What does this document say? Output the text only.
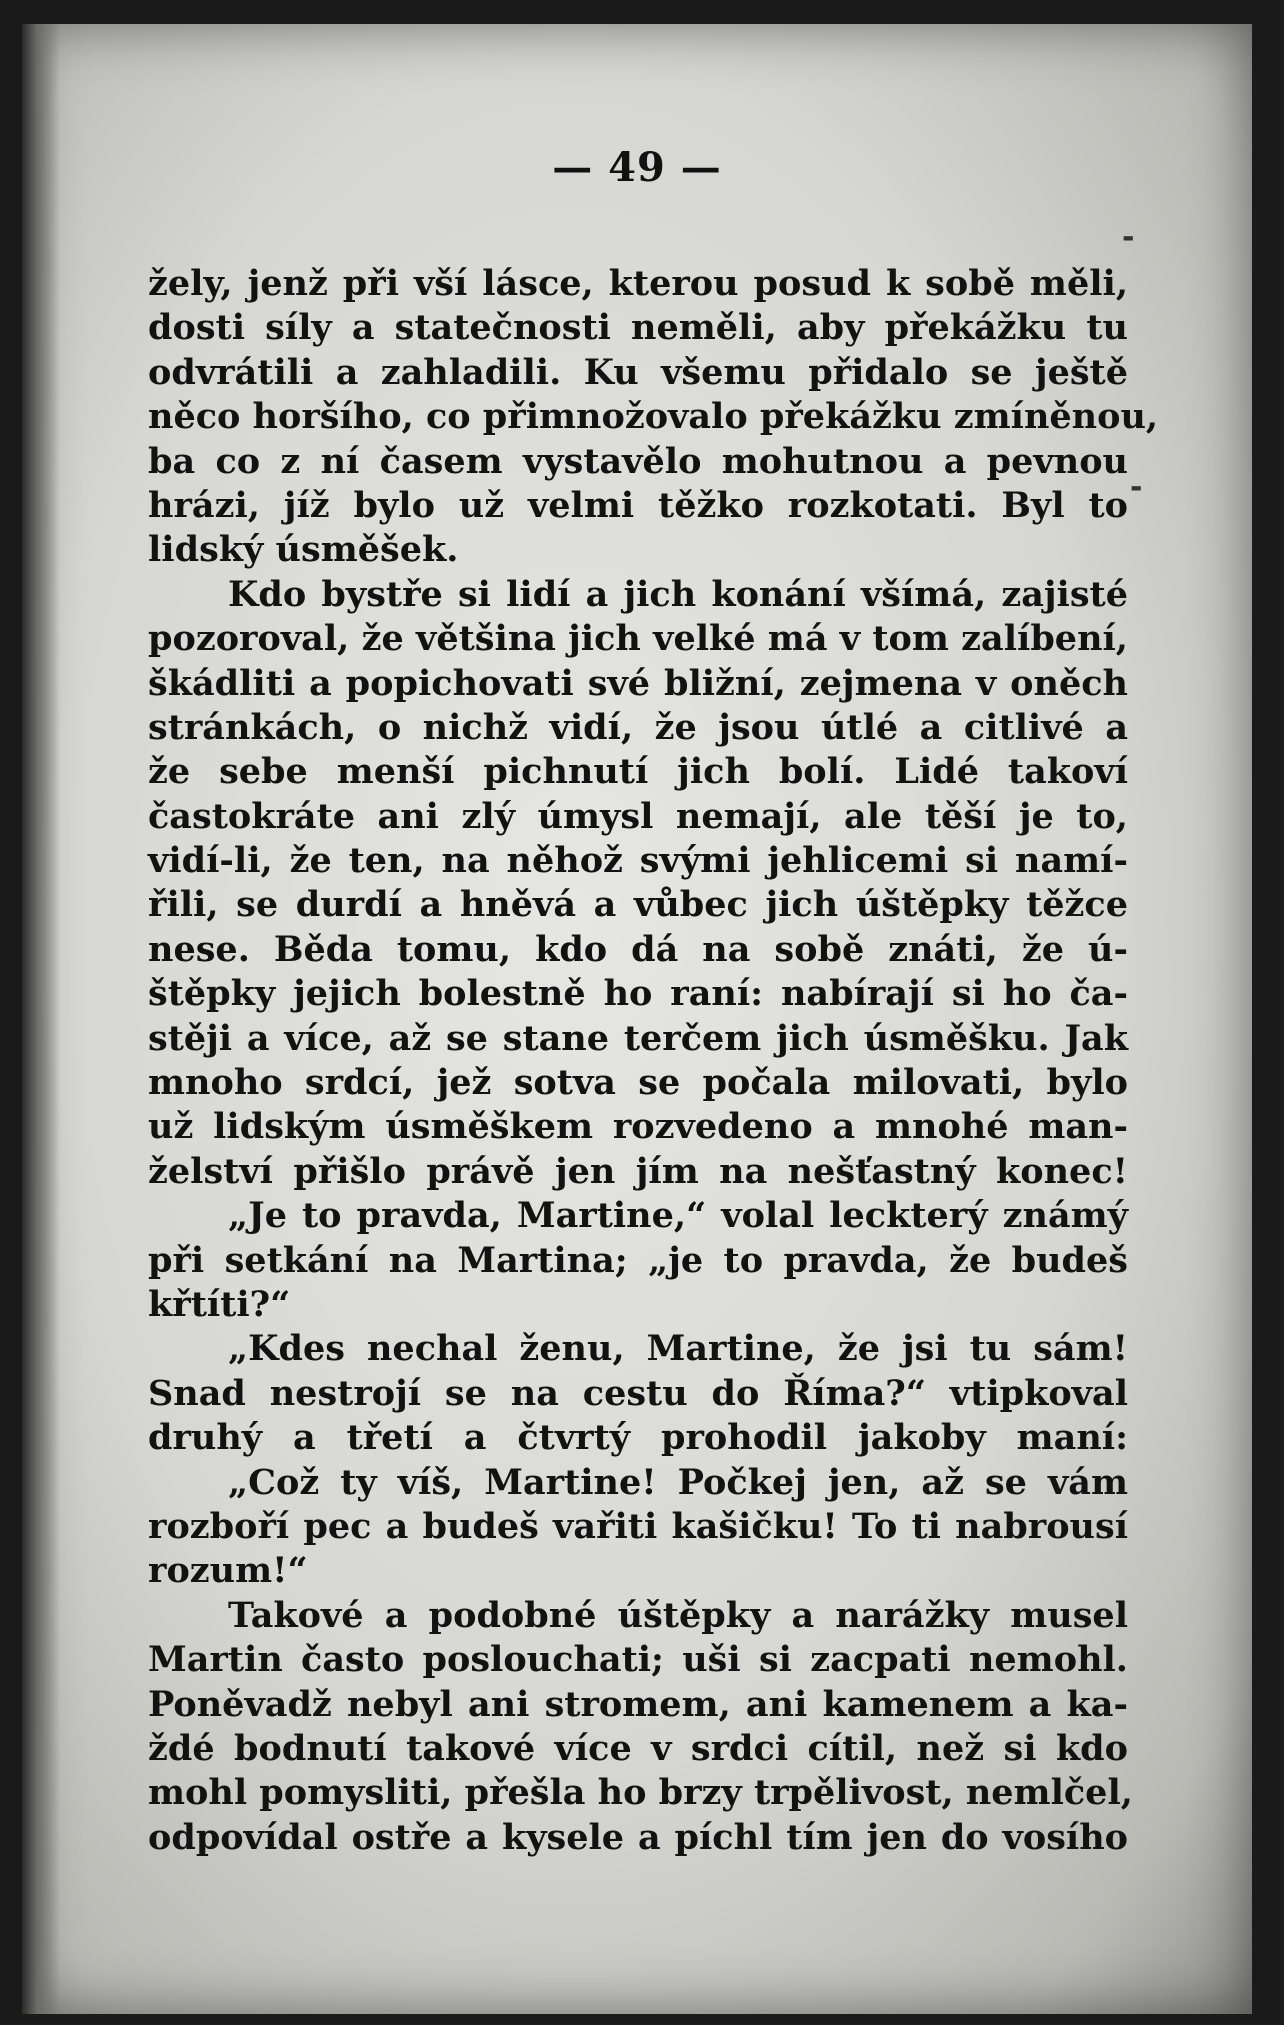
— 49 —
žely, jenž při vší lásce, kterou posud k sobě měli,
dosti síly a statečnosti neměli, aby překážku tu
odvrátili a zahladili. Ku všemu přidalo se ještě
něco horšího, co přimnožovalo překážku zmíněnou,
ba co z ní časem vystavělo mohutnou a pevnou
hrázi, jíž bylo už velmi těžko rozkotati. Byl to
lidský úsměšek.
Kdo bystře si lidí a jich konání všímá, zajisté
pozoroval, že většina jich velké má v tom zalíbení,
škádliti a popichovati své bližní, zejmena v oněch
stránkách, o nichž vidí, že jsou útlé a citlivé a
že sebe menší pichnutí jich bolí. Lidé takoví
častokráte ani zlý úmysl nemají, ale těší je to,
vidí-li, že ten, na něhož svými jehlicemi si namí-
řili, se durdí a hněvá a vůbec jich úštěpky těžce
nese. Běda tomu, kdo dá na sobě znáti, že ú-
štěpky jejich bolestně ho raní: nabírají si ho ča-
stěji a více, až se stane terčem jich úsměšku. Jak
mnoho srdcí, jež sotva se počala milovati, bylo
už lidským úsměškem rozvedeno a mnohé man-
želství přišlo právě jen jím na nešťastný konec!
„Je to pravda, Martine,“ volal leckterý známý
při setkání na Martina; „je to pravda, že budeš
křtíti?“
„Kdes nechal ženu, Martine, že jsi tu sám!
Snad nestrojí se na cestu do Říma?“ vtipkoval
druhý a třetí a čtvrtý prohodil jakoby maní:
„Což ty víš, Martine! Počkej jen, až se vám
rozboří pec a budeš vařiti kašičku! To ti nabrousí
rozum!“
Takové a podobné úštěpky a narážky musel
Martin často poslouchati; uši si zacpati nemohl.
Poněvadž nebyl ani stromem, ani kamenem a ka-
ždé bodnutí takové více v srdci cítil, než si kdo
mohl pomysliti, přešla ho brzy trpělivost, nemlčel,
odpovídal ostře a kysele a píchl tím jen do vosího
-
-
